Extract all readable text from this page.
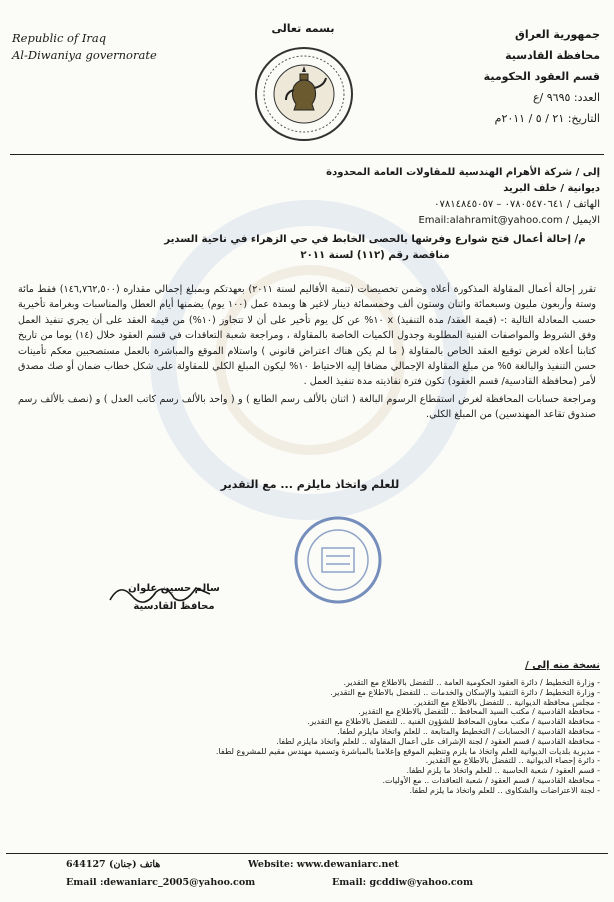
Republic of Iraq
Al-Diwaniya governorate
بسمه تعالى	جمهورية العراق
محافظة القادسية
قسم العقود الحكومية
العدد: ٩٦٩٥ /ع
التاريخ: ٢١ / ٥ / ٢٠١١م
إلى / شركة الأهرام الهندسية للمقاولات العامة المحدودة
ديوانية / خلف البريد
الهاتف / ٠٧٨٠٥٤٧٠٦٤١ – ٠٧٨١٤٨٤٥٠٥٧
الايميل / Email:alahramit@yahoo.com
م/ إحالة أعمال فتح شوارع وفرشها بالحصى الخابط في حي الزهراء في ناحية السدير
مناقصة رقم (١١٢) لسنة ٢٠١١

تقرر إحالة أعمال المقاولة المذكورة أعلاه وضمن تخصيصات (تنمية الأقاليم لسنة ٢٠١١) بعهدتكم وبمبلغ إجمالي مقداره (١٤٦,٧٦٢,٥٠٠) فقط مائة وستة وأربعون مليون وسبعمائة واثنان وستون ألف وخمسمائة دينار لاغير ها وبمدة عمل (١٠٠ يوم) يضمنها أيام العطل والمناسبات وبغرامة تأخيرية حسب المعادلة التالية :- (قيمة العقد/ مدة التنفيذ) x ١٠% عن كل يوم تأخير على أن لا تتجاوز (١٠%) من قيمة العقد على أن يجري تنفيذ العمل وفق الشروط والمواصفات الفنية المطلوبة وجدول الكميات الخاصة بالمقاولة ، ومراجعة شعبة التعاقدات في قسم العقود خلال (١٤) يوما من تاريخ كتابنا أعلاه لغرض توقيع العقد الخاص بالمقاولة ( ما لم يكن هناك اعتراض قانوني ) واستلام الموقع والمباشرة بالعمل مستصحبين معكم تأمينات حسن التنفيذ والبالغة ٥% من مبلغ المقاولة الإجمالي مضافا إليه الاحتياط ١٠% ليكون المبلغ الكلي للمقاولة على شكل خطاب ضمان أو صك مصدق لأمر (محافظة القادسية/ قسم العقود) تكون فترة نفاذيته مدة تنفيذ العمل .

ومراجعة حسابات المحافظة لغرض استقطاع الرسوم البالغة ( اثنان بالألف رسم الطابع ) و ( واحد بالألف رسم كاتب العدل ) و (نصف بالألف رسم صندوق تقاعد المهندسين) من المبلغ الكلي.

للعلم واتخاذ مايلزم ... مع التقدير
سالم حسين علوان
محافظ القادسية
نسخة منه إلى /
- وزارة التخطيط / دائرة العقود الحكومية العامة .. للتفضل بالاطلاع مع التقدير.
- وزارة التخطيط / دائرة التنفيذ والإسكان والخدمات .. للتفضل بالاطلاع مع التقدير.
- مجلس محافظة الديوانية .. للتفضل بالاطلاع مع التقدير.
- محافظة القادسية / مكتب السيد المحافظ .. للتفضل بالاطلاع مع التقدير.
- محافظة القادسية / مكتب معاون المحافظ للشؤون الفنية .. للتفضل بالاطلاع مع التقدير.
- محافظة القادسية / الحسابات / التخطيط والمتابعة .. للعلم واتخاذ مايلزم لطفا.
- محافظة القادسية / قسم العقود / لجنة الإشراف على أعمال المقاولة .. للعلم واتخاذ مايلزم لطفا.
- مديرية بلديات الديوانية للعلم واتخاذ ما يلزم وتنظيم الموقع وإعلامنا بالمباشرة وتسمية مهندس مقيم للمشروع لطفا.
- دائرة إحصاء الديوانية .. للتفضل بالاطلاع مع التقدير.
- قسم العقود / شعبة الحاسبة .. للعلم واتخاذ ما يلزم لطفا.
- محافظة القادسية / قسم العقود / شعبة التعاقدات .. مع الأوليات.
- لجنة الاعتراضات والشكاوى .. للعلم واتخاذ ما يلزم لطفا.
هاتف (جنان) 644127	Website: www.dewaniarc.net
Email :dewaniarc_2005@yahoo.com	Email: gcddiw@yahoo.com
